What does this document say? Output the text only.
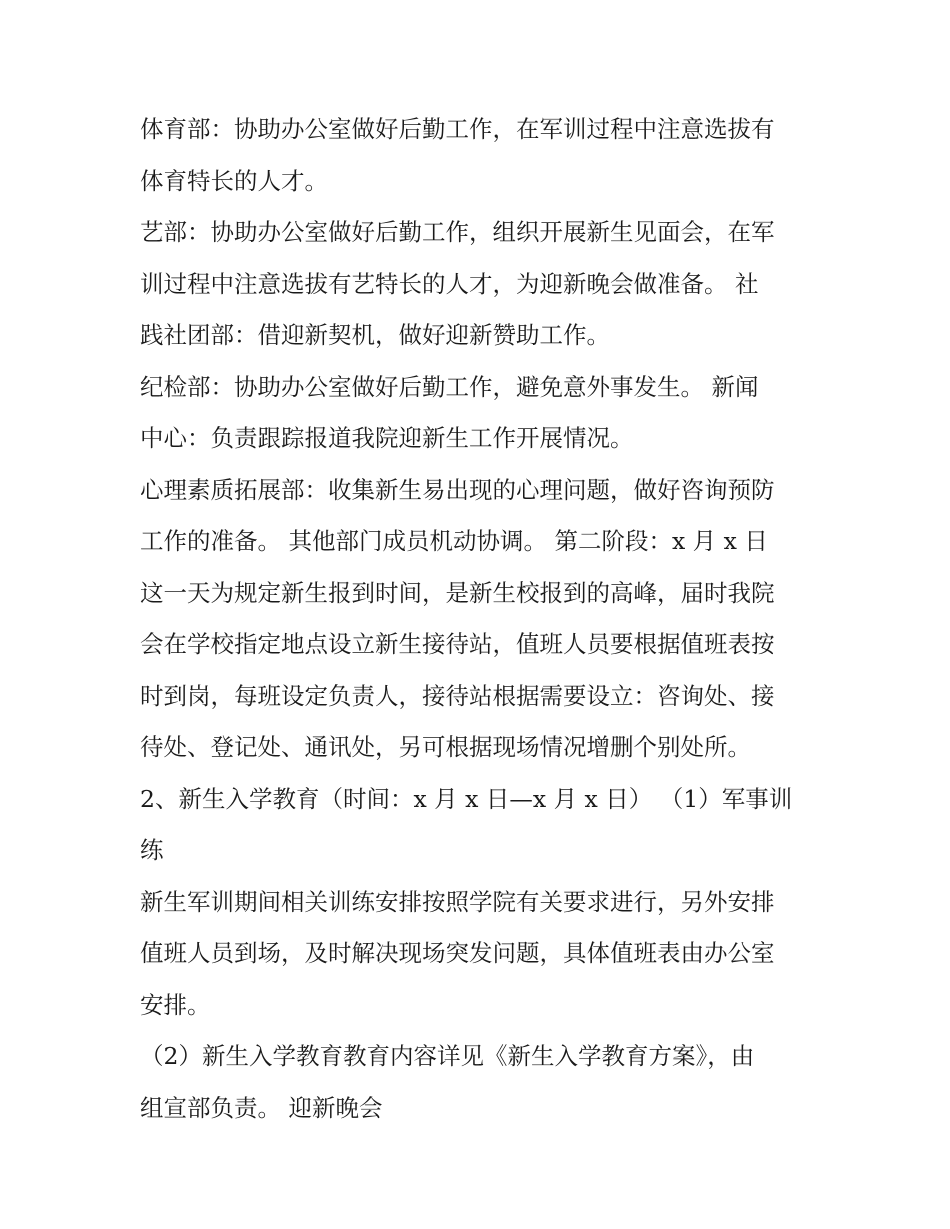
体育部：协助办公室做好后勤工作，在军训过程中注意选拔有
体育特长的人才。
艺部：协助办公室做好后勤工作，组织开展新生见面会，在军
训过程中注意选拔有艺特长的人才，为迎新晚会做准备。 社
践社团部：借迎新契机，做好迎新赞助工作。
纪检部：协助办公室做好后勤工作，避免意外事发生。 新闻
中心：负责跟踪报道我院迎新生工作开展情况。
心理素质拓展部：收集新生易出现的心理问题，做好咨询预防
工作的准备。 其他部门成员机动协调。 第二阶段：x 月 x 日
这一天为规定新生报到时间，是新生校报到的高峰，届时我院
会在学校指定地点设立新生接待站，值班人员要根据值班表按
时到岗，每班设定负责人，接待站根据需要设立：咨询处、接
待处、登记处、通讯处，另可根据现场情况增删个别处所。
2、新生入学教育（时间：x 月 x 日—x 月 x 日） （1）军事训
练
新生军训期间相关训练安排按照学院有关要求进行，另外安排
值班人员到场，及时解决现场突发问题，具体值班表由办公室
安排。
（2）新生入学教育教育内容详见《新生入学教育方案》，由
组宣部负责。 迎新晚会
